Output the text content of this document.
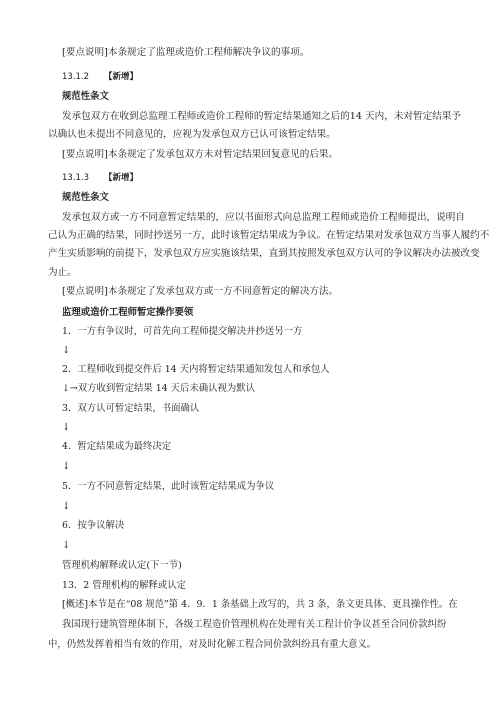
[要点说明]本条规定了监理或造价工程师解决争议的事项。
13.1.2 【新增】
规范性条文
发承包双方在收到总监理工程师或造价工程师的暂定结果通知之后的14 天内，未对暂定结果予
以确认也未提出不同意见的，应视为发承包双方已认可该暂定结果。
[要点说明]本条规定了发承包双方未对暂定结果回复意见的后果。
13.1.3 【新增】
规范性条文
发承包双方或一方不同意暂定结果的，应以书面形式向总监理工程师或造价工程师提出，说明自
己认为正确的结果，同时抄送另一方，此时该暂定结果成为争议。在暂定结果对发承包双方当事人履约不
产生实质影响的前提下，发承包双方应实施该结果，直到其按照发承包双方认可的争议解决办法被改变
为止。
[要点说明]本条规定了发承包双方或一方不同意暂定的解决方法。
监理或造价工程师暂定操作要领
1．一方有争议时，可首先向工程师提交解决并抄送另一方
↓
2．工程师收到提交件后 14 天内将暂定结果通知发包人和承包人
↓→双方收到暂定结果 14 天后未确认视为默认
3．双方认可暂定结果，书面确认
↓
4．暂定结果成为最终决定
↓
5．一方不同意暂定结果，此时该暂定结果成为争议
↓
6．按争议解决
↓
管理机构解释或认定(下一节)
13．2 管理机构的解释或认定
[概述]本节是在“08 规范”第 4．9．1 条基础上改写的，共 3 条，条文更具体、更具操作性。在
我国现行建筑管理体制下，各级工程造价管理机构在处理有关工程计价争议甚至合同价款纠纷
中，仍然发挥着相当有效的作用，对及时化解工程合同价款纠纷具有重大意义。
